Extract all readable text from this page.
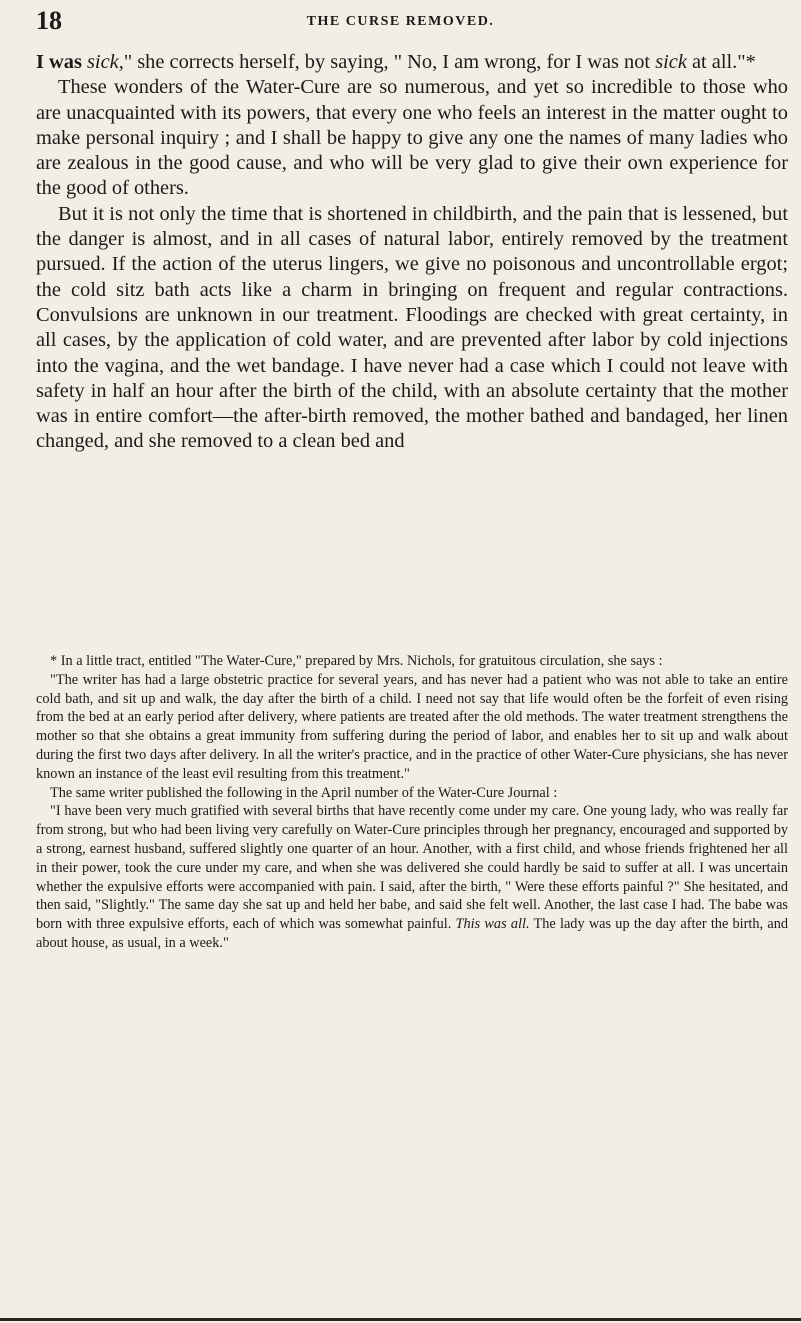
18	THE CURSE REMOVED.

I was sick," she corrects herself, by saying, " No, I am wrong, for I was not sick at all."*

These wonders of the Water-Cure are so numerous, and yet so incredible to those who are unacquainted with its powers, that every one who feels an interest in the matter ought to make personal inquiry ; and I shall be happy to give any one the names of many ladies who are zealous in the good cause, and who will be very glad to give their own experience for the good of others.

But it is not only the time that is shortened in childbirth, and the pain that is lessened, but the danger is almost, and in all cases of natural labor, entirely removed by the treatment pursued. If the action of the uterus lingers, we give no poisonous and uncontrollable ergot; the cold sitz bath acts like a charm in bringing on frequent and regular contractions. Convulsions are unknown in our treatment. Floodings are checked with great certainty, in all cases, by the application of cold water, and are prevented after labor by cold injections into the vagina, and the wet bandage. I have never had a case which I could not leave with safety in half an hour after the birth of the child, with an absolute certainty that the mother was in entire comfort—the after-birth removed, the mother bathed and bandaged, her linen changed, and she removed to a clean bed and

* In a little tract, entitled "The Water-Cure," prepared by Mrs. Nichols, for gratuitous circulation, she says :

"The writer has had a large obstetric practice for several years, and has never had a patient who was not able to take an entire cold bath, and sit up and walk, the day after the birth of a child. I need not say that life would often be the forfeit of even rising from the bed at an early period after delivery, where patients are treated after the old methods. The water treatment strengthens the mother so that she obtains a great immunity from suffering during the period of labor, and enables her to sit up and walk about during the first two days after delivery. In all the writer's practice, and in the practice of other Water-Cure physicians, she has never known an instance of the least evil resulting from this treatment."

The same writer published the following in the April number of the Water-Cure Journal :

"I have been very much gratified with several births that have recently come under my care. One young lady, who was really far from strong, but who had been living very carefully on Water-Cure principles through her pregnancy, encouraged and supported by a strong, earnest husband, suffered slightly one quarter of an hour. Another, with a first child, and whose friends frightened her all in their power, took the cure under my care, and when she was delivered she could hardly be said to suffer at all. I was uncertain whether the expulsive efforts were accompanied with pain. I said, after the birth, " Were these efforts painful ?" She hesitated, and then said, "Slightly." The same day she sat up and held her babe, and said she felt well. Another, the last case I had. The babe was born with three expulsive efforts, each of which was somewhat painful. This was all. The lady was up the day after the birth, and about house, as usual, in a week."
